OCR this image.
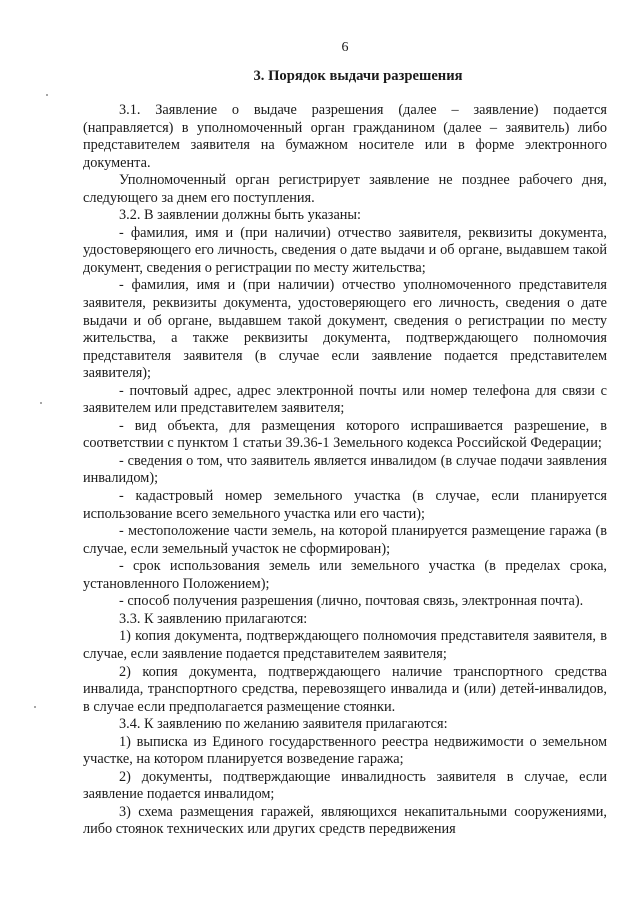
6
3. Порядок выдачи разрешения

3.1. Заявление о выдаче разрешения (далее – заявление) подается (направляется) в уполномоченный орган гражданином (далее – заявитель) либо представителем заявителя на бумажном носителе или в форме электронного документа.

Уполномоченный орган регистрирует заявление не позднее рабочего дня, следующего за днем его поступления.

3.2. В заявлении должны быть указаны:

- фамилия, имя и (при наличии) отчество заявителя, реквизиты документа, удостоверяющего его личность, сведения о дате выдачи и об органе, выдавшем такой документ, сведения о регистрации по месту жительства;

- фамилия, имя и (при наличии) отчество уполномоченного представителя заявителя, реквизиты документа, удостоверяющего его личность, сведения о дате выдачи и об органе, выдавшем такой документ, сведения о регистрации по месту жительства, а также реквизиты документа, подтверждающего полномочия представителя заявителя (в случае если заявление подается представителем заявителя);

- почтовый адрес, адрес электронной почты или номер телефона для связи с заявителем или представителем заявителя;

- вид объекта, для размещения которого испрашивается разрешение, в соответствии с пунктом 1 статьи 39.36-1 Земельного кодекса Российской Федерации;

- сведения о том, что заявитель является инвалидом (в случае подачи заявления инвалидом);

- кадастровый номер земельного участка (в случае, если планируется использование всего земельного участка или его части);

- местоположение части земель, на которой планируется размещение гаража (в случае, если земельный участок не сформирован);

- срок использования земель или земельного участка (в пределах срока, установленного Положением);

- способ получения разрешения (лично, почтовая связь, электронная почта).

3.3. К заявлению прилагаются:

1) копия документа, подтверждающего полномочия представителя заявителя, в случае, если заявление подается представителем заявителя;

2) копия документа, подтверждающего наличие транспортного средства инвалида, транспортного средства, перевозящего инвалида и (или) детей-инвалидов, в случае если предполагается размещение стоянки.

3.4. К заявлению по желанию заявителя прилагаются:

1) выписка из Единого государственного реестра недвижимости о земельном участке, на котором планируется возведение гаража;

2) документы, подтверждающие инвалидность заявителя в случае, если заявление подается инвалидом;

3) схема размещения гаражей, являющихся некапитальными сооружениями, либо стоянок технических или других средств передвижения
